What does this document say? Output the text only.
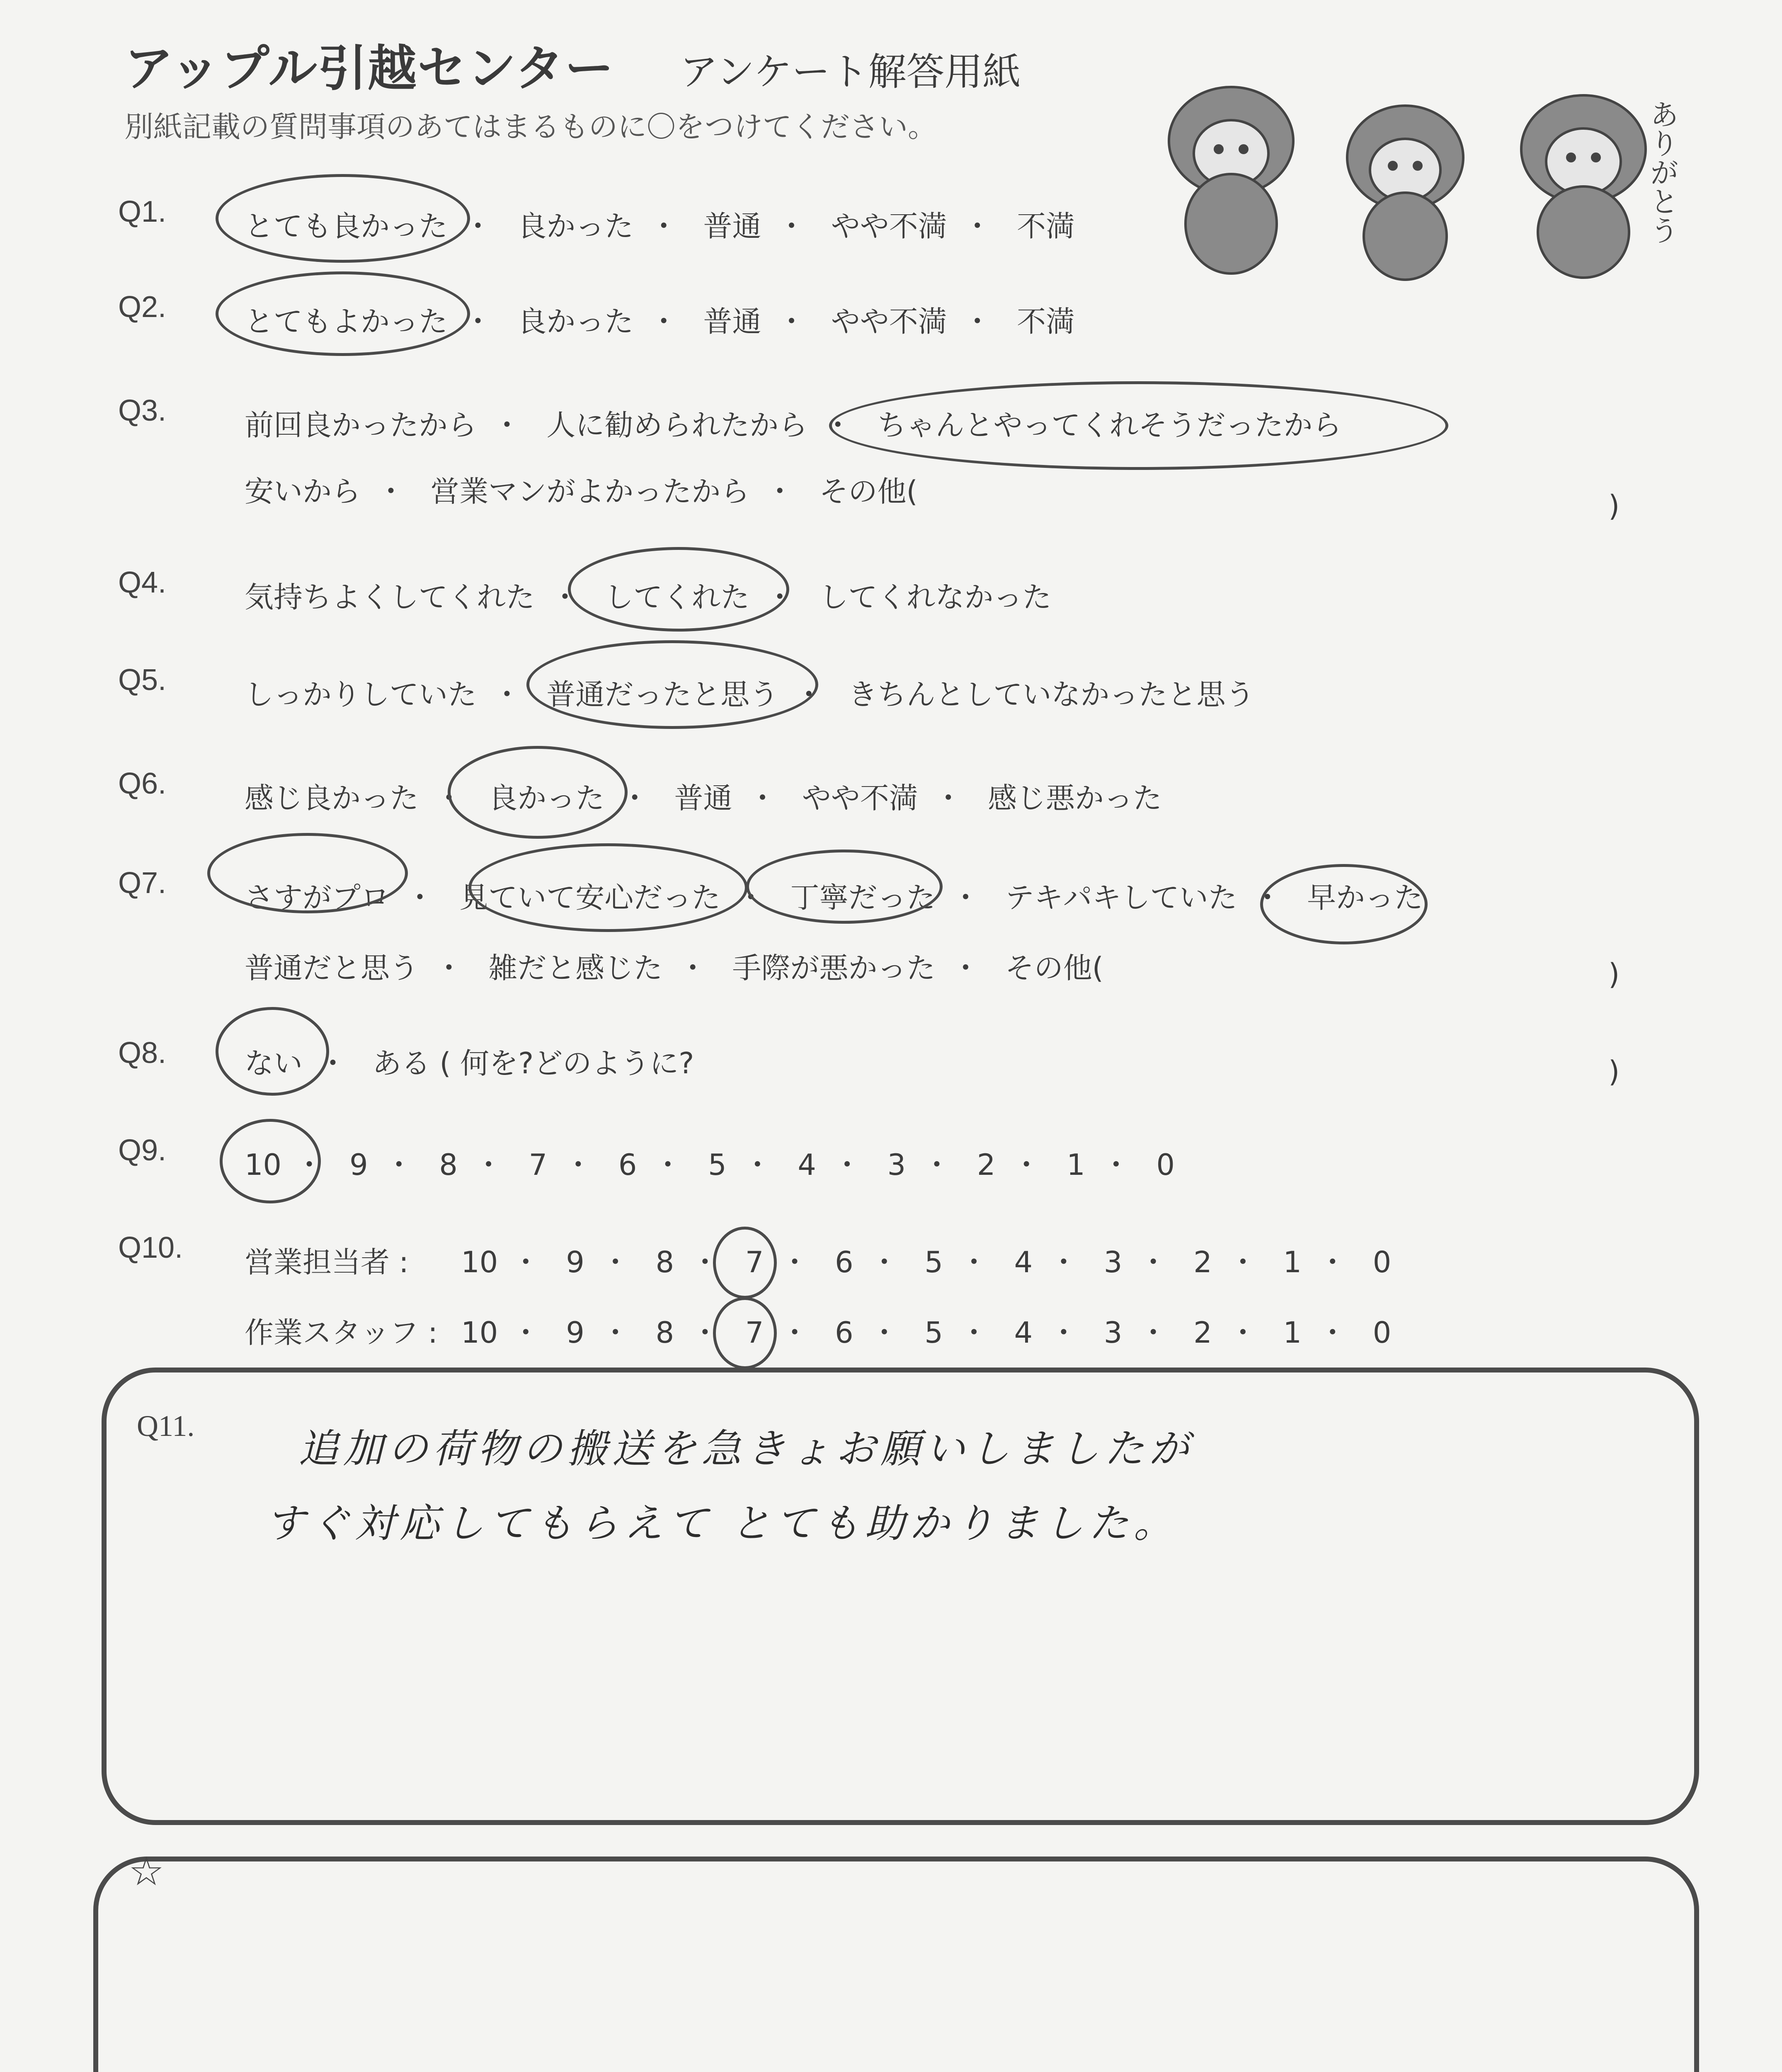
アップル引越センター アンケート解答用紙
別紙記載の質問事項のあてはまるものに〇をつけてください。	ありがとう
Q1.	とても良かった ・ 良かった ・ 普通 ・ やや不満 ・ 不満
Q2.	とてもよかった ・ 良かった ・ 普通 ・ やや不満 ・ 不満
Q3.	前回良かったから ・ 人に勧められたから ・ ちゃんとやってくれそうだったから
安いから ・ 営業マンがよかったから ・ その他(	)
Q4.	気持ちよくしてくれた ・ してくれた ・ してくれなかった
Q5.	しっかりしていた ・ 普通だったと思う ・ きちんとしていなかったと思う
Q6.	感じ良かった ・ 良かった ・ 普通 ・ やや不満 ・ 感じ悪かった
Q7.	さすがプロ ・ 見ていて安心だった ・ 丁寧だった ・ テキパキしていた ・ 早かった
普通だと思う ・ 雑だと感じた ・ 手際が悪かった ・ その他(	)
Q8.	ない ・ ある ( 何を?どのように?	)
Q9.	10 ・ 9 ・ 8 ・ 7 ・ 6 ・ 5 ・ 4 ・ 3 ・ 2 ・ 1 ・ 0
Q10. 営業担当者 : 10 ・ 9 ・ 8 ・ 7 ・ 6 ・ 5 ・ 4 ・ 3 ・ 2 ・ 1 ・ 0
作業スタッフ : 10 ・ 9 ・ 8 ・ 7 ・ 6 ・ 5 ・ 4 ・ 3 ・ 2 ・ 1 ・ 0
Q11.	追加の荷物の搬送を急きょお願いしましたが
すぐ対応してもらえて とても助かりました。
☆
